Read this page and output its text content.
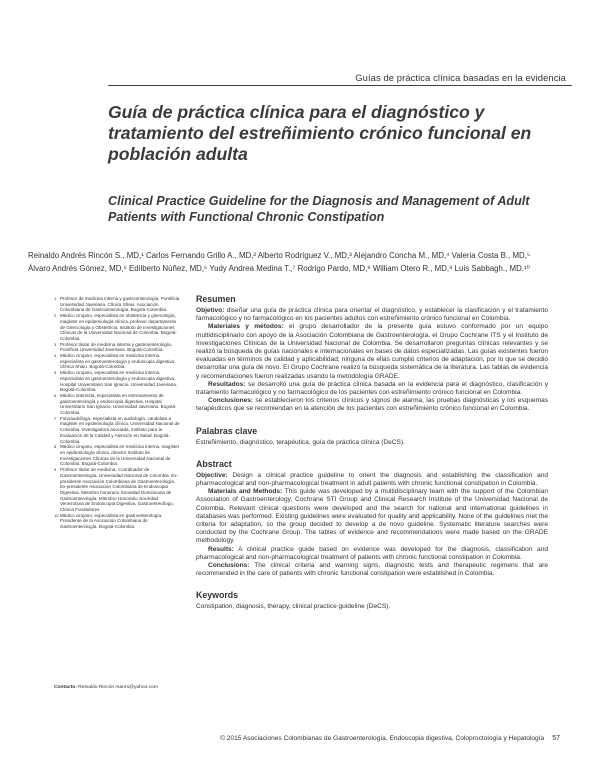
Guías de práctica clínica basadas en la evidencia
Guía de práctica clínica para el diagnóstico y tratamiento del estreñimiento crónico funcional en población adulta
Clinical Practice Guideline for the Diagnosis and Management of Adult Patients with Functional Chronic Constipation
Reinaldo Andrés Rincón S., MD,¹ Carlos Fernando Grillo A., MD,² Alberto Rodríguez V., MD,³ Alejandro Concha M., MD,⁴ Valeria Costa B., MD,⁵
Álvaro Andrés Gómez, MD,⁶ Edilberto Núñez, MD,⁶ Yudy Andrea Medina T.,⁷ Rodrigo Pardo, MD,⁸ William Otero R., MD,⁹ Luis Sabbagh., MD.¹⁰

1 Profesor de medicina interna y gastroenterología, Pontificia Universidad Javeriana. Clínica Shaio. Asociación Colombiana de Gastroenterología. Bogotá-Colombia.

2 Médico cirujano, especialista en obstetricia y ginecología, magíster en epidemiología clínica, profesor departamento de Ginecología y Obstetricia, Instituto de Investigaciones Clínicas de la Universidad Nacional de Colombia. Bogotá-Colombia.

3 Profesor titular de medicina interna y gastroenterología, Pontificia Universidad Javeriana. Bogotá-Colombia.

4 Médico cirujano, especialista en medicina interna, especialista en gastroenterología y endoscopia digestiva. Clínica Shaio. Bogotá-Colombia.

5 Médico cirujano, especialista en medicina interna, especialista en gastroenterología y endoscopia digestiva, Hospital Universitario San Ignacio, Universidad Javeriana. Bogotá-Colombia.

6 Médico internista, especialista en entrenamiento de gastroenterología y endoscopia digestiva, Hospital Universitario San Ignacio, Universidad Javeriana. Bogotá-Colombia.

7 Fonoaudióloga, especialista en audiología, candidata a magíster en epidemiología clínica, Universidad Nacional de Colombia. Investigadora asociada, Instituto para la Evaluación de la Calidad y Atención en Salud. Bogotá-Colombia.

8 Médico cirujano, especialista en medicina interna, magíster en epidemiología clínica, director Instituto de Investigaciones Clínicas de la Universidad Nacional de Colombia. Bogotá-Colombia.

9 Profesor titular de medicina, Coordinador de Gastroenterología, Universidad Nacional de Colombia. Ex-presidente Asociación Colombiana de Gastroenterología, Ex-presidente Asociación Colombiana de Endoscopia Digestiva. Miembro honorario Sociedad Dominicana de Gastroenterología. Miembro Honorario Sociedad Venezolana de Endoscopia Digestiva, Gastroenterólogo, Clínica Fundadores.

10 Médico cirujano, especialista en gastroenterología. Presidente de la Asociación Colombiana de Gastroenterología. Bogotá-Colombia.

Contacto: Reinaldo Rincón rsanrs@yahoo.com
Resumen

Objetivo: diseñar una guía de práctica clínica para orientar el diagnóstico, y establecer la clasificación y el tratamiento farmacológico y no farmacológico en los pacientes adultos con estreñimiento crónico funcional en Colombia.

Materiales y métodos: el grupo desarrollador de la presente guía estuvo conformado por un equipo multidisciplinario con apoyo de la Asociación Colombiana de Gastroenterología, el Grupo Cochrane ITS y el Instituto de Investigaciones Clínicas de la Universidad Nacional de Colombia. Se desarrollaron preguntas clínicas relevantes y se realizó la búsqueda de guías nacionales e internacionales en bases de datos especializadas. Las guías existentes fueron evaluadas en términos de calidad y aplicabilidad; ninguna de ellas cumplió criterios de adaptación, por lo que se decidió desarrollar una guía de novo. El Grupo Cochrane realizó la búsqueda sistemática de la literatura. Las tablas de evidencia y recomendaciones fueron realizadas usando la metodología GRADE.

Resultados: se desarrolló una guía de práctica clínica basada en la evidencia para el diagnóstico, clasificación y tratamiento farmacológico y no farmacológico de los pacientes con estreñimiento crónico funcional en Colombia.

Conclusiones: se establecieron los criterios clínicos y signos de alarma, las pruebas diagnósticas y los esquemas terapéuticos que se recomiendan en la atención de los pacientes con estreñimiento crónico funcional en Colombia.

Palabras clave

Estreñimiento, diagnóstico, terapéutica, guía de práctica clínica (DeCS).

Abstract

Objective: Design a clinical practice guideline to orient the diagnosis and establishing the classification and pharmacological and non-pharmacological treatment in adult patients with chronic functional constipation in Colombia.

Materials and Methods: This guide was developed by a multidisciplinary team with the support of the Colombian Association of Gastroenterology, Cochrane STI Group and Clinical Research Institute of the Universidad Nacional de Colombia. Relevant clinical questions were developed and the search for national and international guidelines in databases was performed. Existing guidelines were evaluated for quality and applicability. None of the guidelines met the criteria for adaptation, so the group decided to develop a de novo guideline. Systematic literature searches were conducted by the Cochrane Group. The tables of evidence and recommendations were made based on the GRADE methodology.

Results: A clinical practice guide based on evidence was developed for the diagnosis, classification and pharmacological and non-pharmacological treatment of patients with chronic functional constipation in Colombia.

Conclusions: The clinical criteria and warning signs, diagnostic tests and therapeutic regimens that are recommended in the care of patients with chronic functional constipation were established in Colombia.

Keywords

Constipation, diagnosis, therapy, clinical practice guideline (DeCS).

© 2015 Asociaciones Colombianas de Gastroenterología, Endoscopia digestiva, Coloproctología y Hepatología 57
